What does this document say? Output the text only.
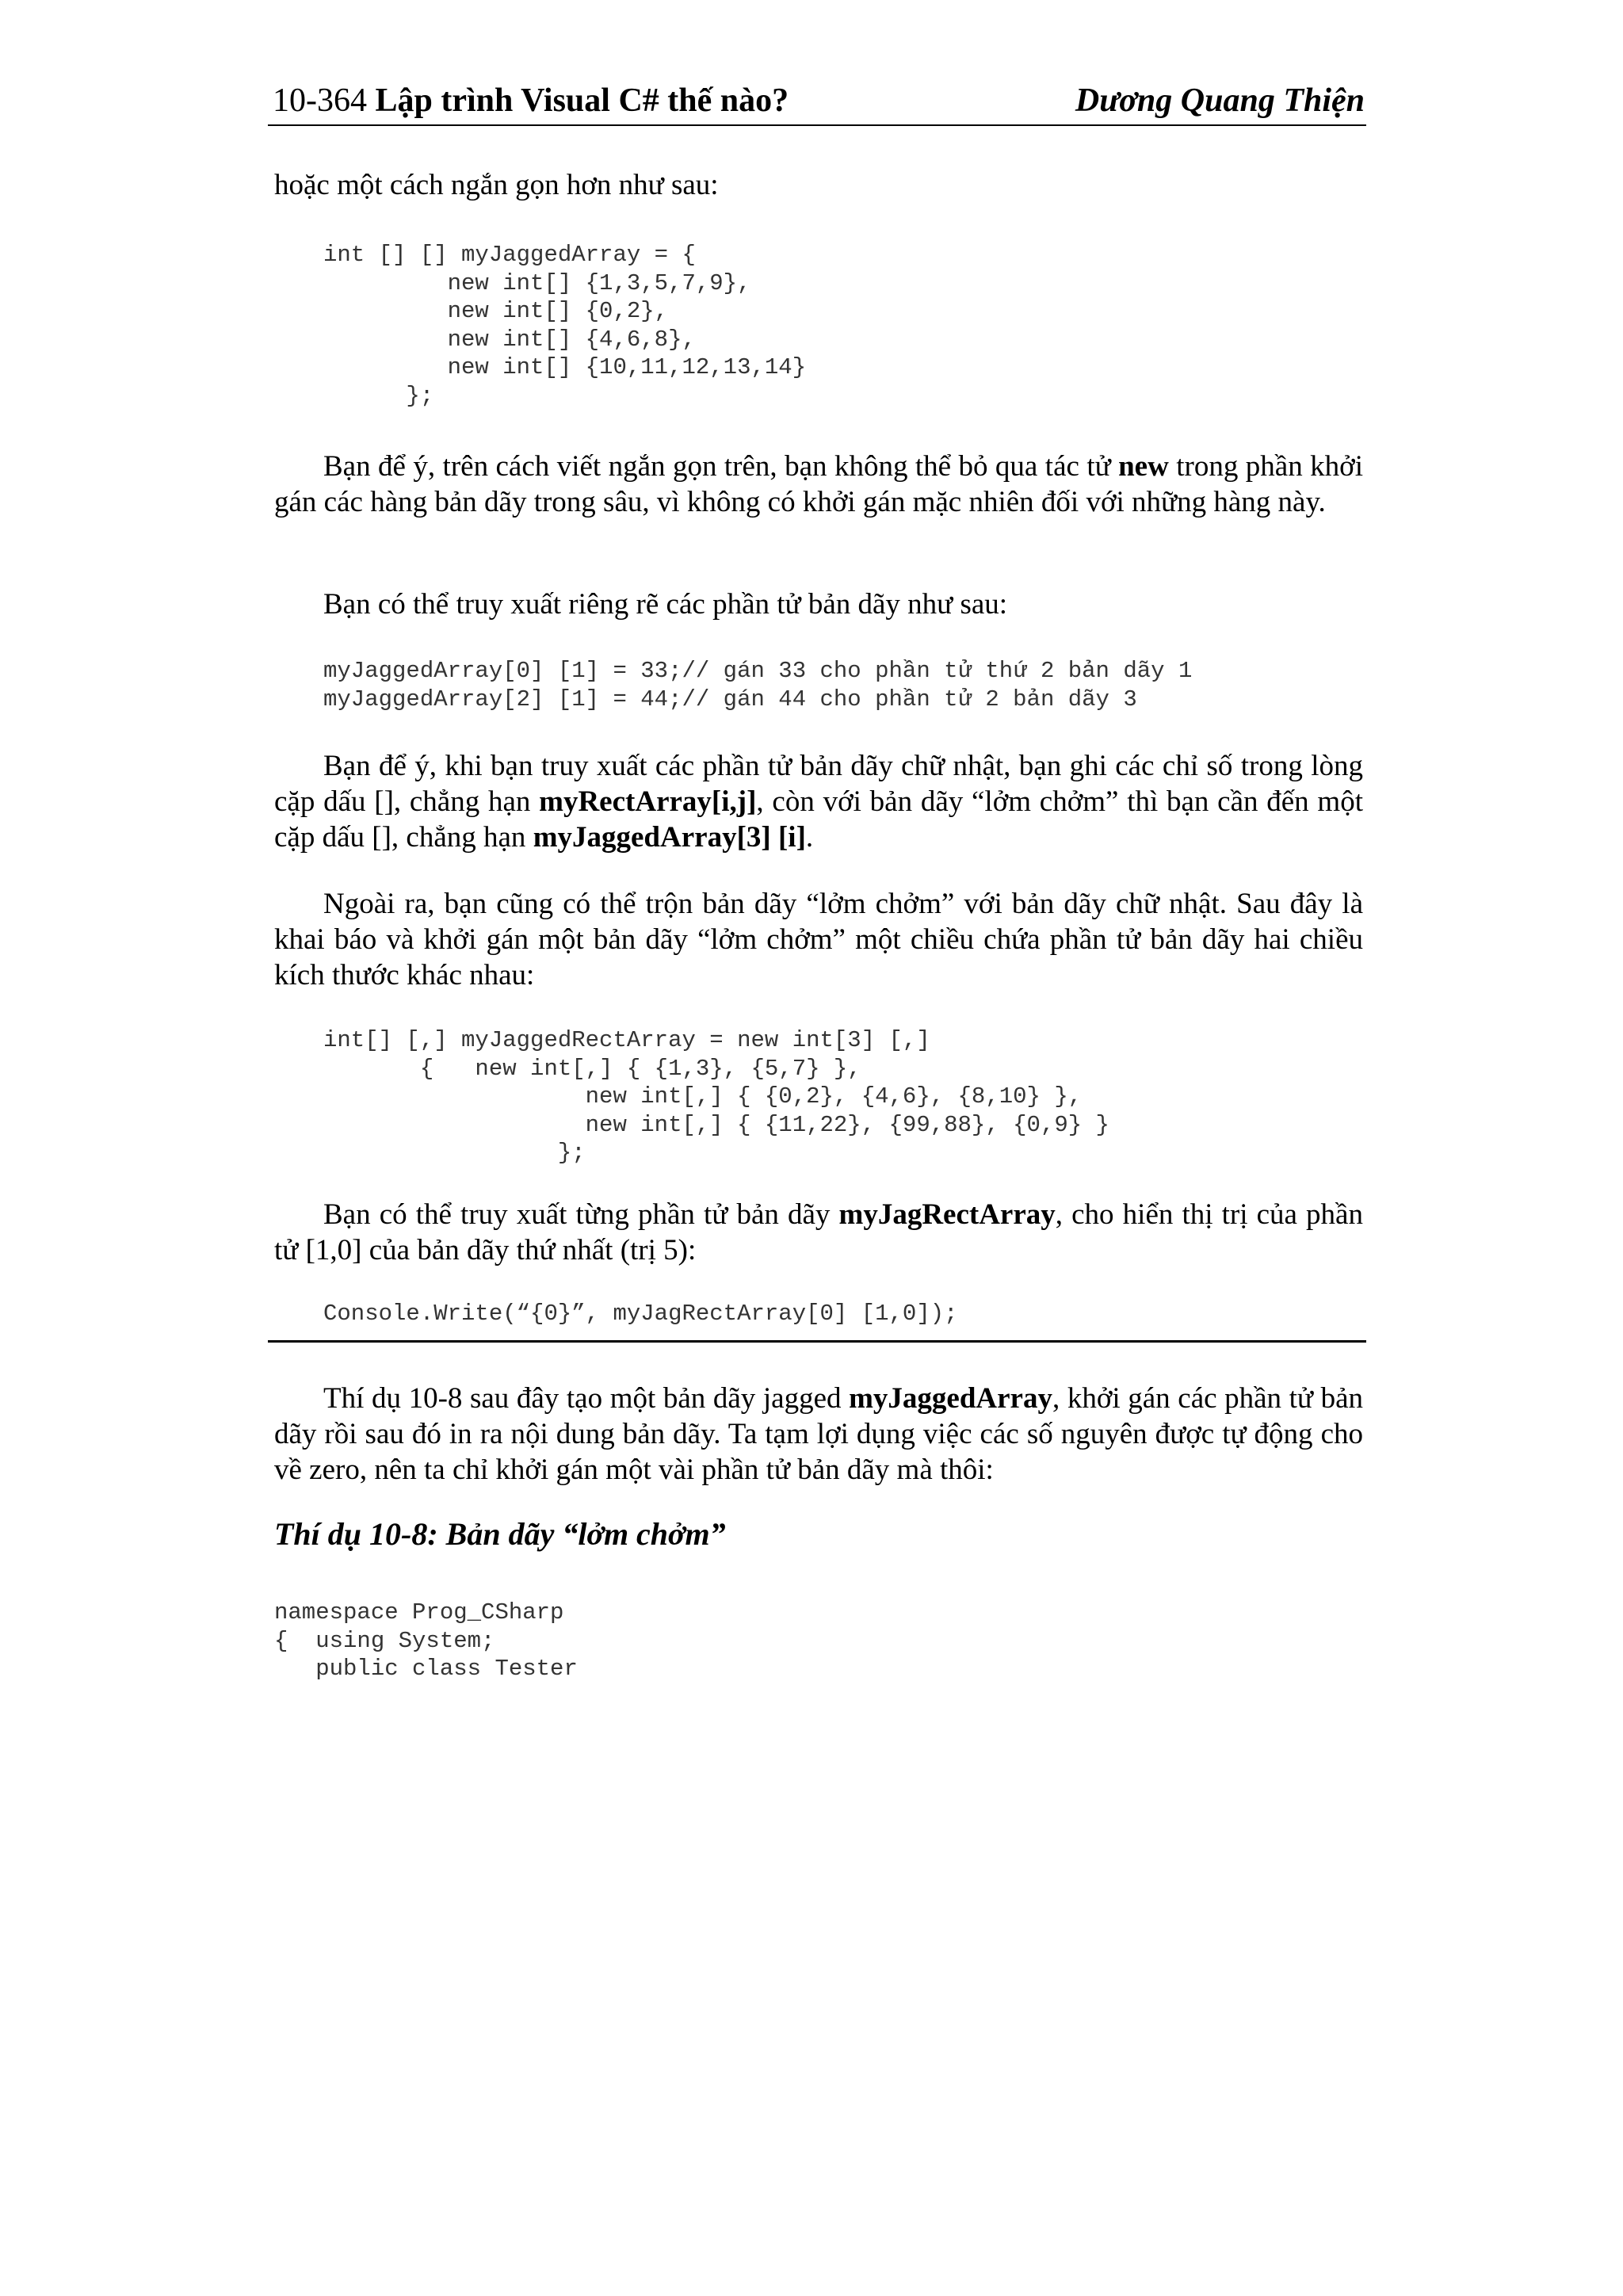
10-364 Lập trình Visual C# thế nào?	Dương Quang Thiện

hoặc một cách ngắn gọn hơn như sau:

int [] [] myJaggedArray = {
new int[] {1,3,5,7,9},
new int[] {0,2},
new int[] {4,6,8},
new int[] {10,11,12,13,14}
};

Bạn để ý, trên cách viết ngắn gọn trên, bạn không thể bỏ qua tác tử new trong phần khởi gán các hàng bản dãy trong sâu, vì không có khởi gán mặc nhiên đối với những hàng này.

Bạn có thể truy xuất riêng rẽ các phần tử bản dãy như sau:

myJaggedArray[0] [1] = 33;// gán 33 cho phần tử thứ 2 bản dãy 1
myJaggedArray[2] [1] = 44;// gán 44 cho phần tử 2 bản dãy 3

Bạn để ý, khi bạn truy xuất các phần tử bản dãy chữ nhật, bạn ghi các chỉ số trong lòng cặp dấu [], chẳng hạn myRectArray[i,j], còn với bản dãy “lởm chởm” thì bạn cần đến một cặp dấu [], chẳng hạn myJaggedArray[3] [i].

Ngoài ra, bạn cũng có thể trộn bản dãy “lởm chởm” với bản dãy chữ nhật. Sau đây là khai báo và khởi gán một bản dãy “lởm chởm” một chiều chứa phần tử bản dãy hai chiều kích thước khác nhau:

int[] [,] myJaggedRectArray = new int[3] [,]
{   new int[,] { {1,3}, {5,7} },
new int[,] { {0,2}, {4,6}, {8,10} },
new int[,] { {11,22}, {99,88}, {0,9} }
};

Bạn có thể truy xuất từng phần tử bản dãy myJagRectArray, cho hiển thị trị của phần tử [1,0] của bản dãy thứ nhất (trị 5):

Console.Write(“{0}”, myJagRectArray[0] [1,0]);

Thí dụ 10-8 sau đây tạo một bản dãy jagged myJaggedArray, khởi gán các phần tử bản dãy rồi sau đó in ra nội dung bản dãy. Ta tạm lợi dụng việc các số nguyên được tự động cho về zero, nên ta chỉ khởi gán một vài phần tử bản dãy mà thôi:

Thí dụ 10-8: Bản dãy “lởm chởm”
namespace Prog_CSharp
{  using System;
public class Tester
